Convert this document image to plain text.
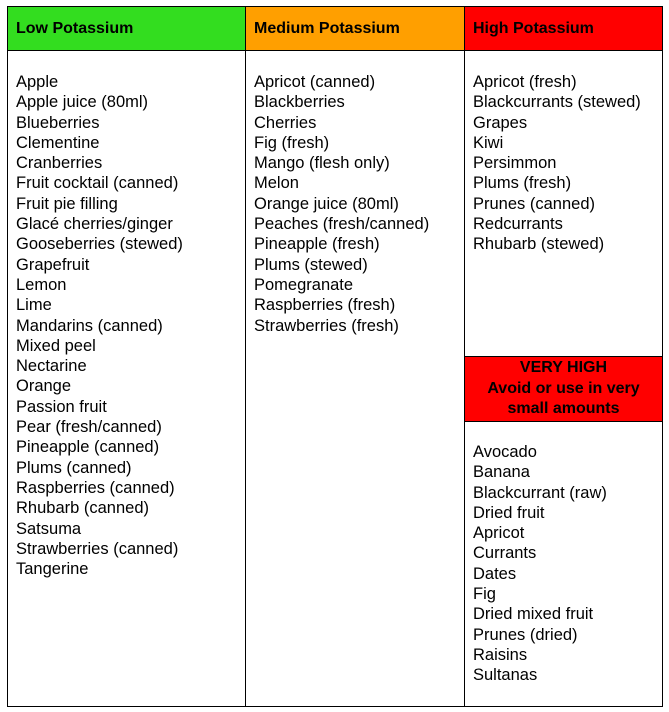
Low Potassium	Medium Potassium	High Potassium
Apple
Apple juice (80ml)
Blueberries
Clementine
Cranberries
Fruit cocktail (canned)
Fruit pie filling
Glacé cherries/ginger
Gooseberries (stewed)
Grapefruit
Lemon
Lime
Mandarins (canned)
Mixed peel
Nectarine
Orange
Passion fruit
Pear (fresh/canned)
Pineapple (canned)
Plums (canned)
Raspberries (canned)
Rhubarb (canned)
Satsuma
Strawberries (canned)
Tangerine
Apricot (canned)
Blackberries
Cherries
Fig (fresh)
Mango (flesh only)
Melon
Orange juice (80ml)
Peaches (fresh/canned)
Pineapple (fresh)
Plums (stewed)
Pomegranate
Raspberries (fresh)
Strawberries (fresh)
Apricot (fresh)
Blackcurrants (stewed)
Grapes
Kiwi
Persimmon
Plums (fresh)
Prunes (canned)
Redcurrants
Rhubarb (stewed)
VERY HIGH
Avoid or use in very
small amounts
Avocado
Banana
Blackcurrant (raw)
Dried fruit
Apricot
Currants
Dates
Fig
Dried mixed fruit
Prunes (dried)
Raisins
Sultanas
